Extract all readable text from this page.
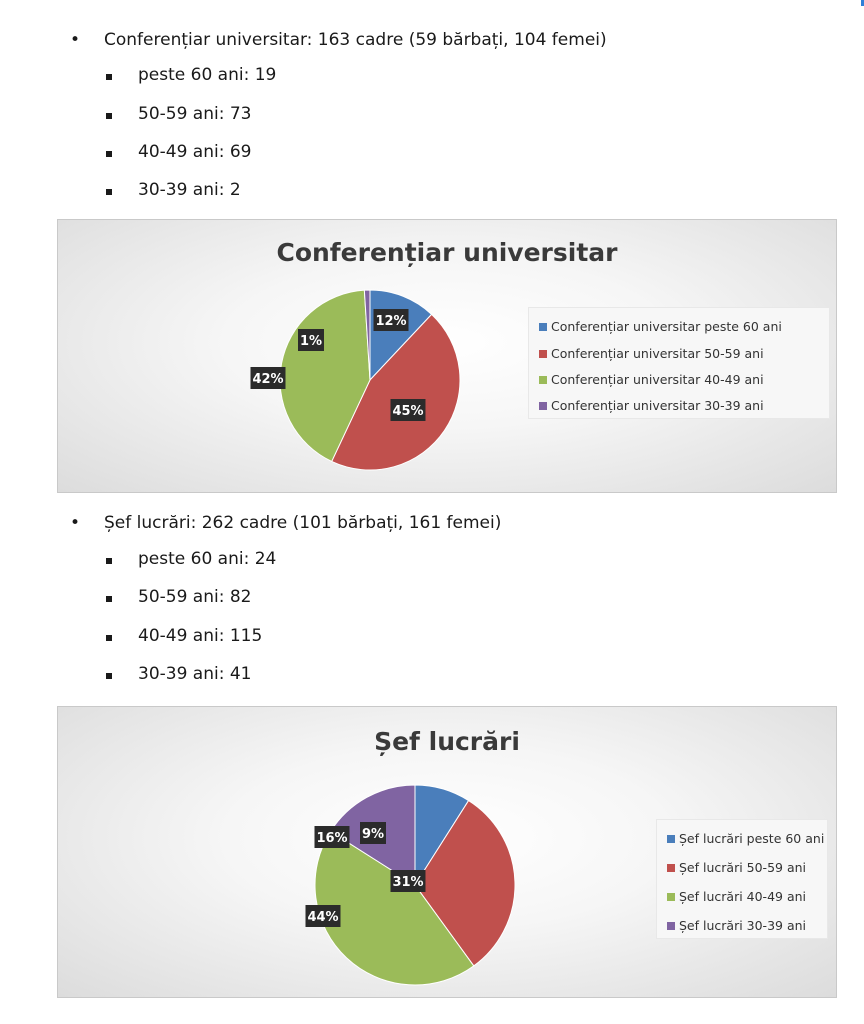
• Conferențiar universitar: 163 cadre (59 bărbați, 104 femei)
peste 60 ani: 19
50-59 ani: 73
40-49 ani: 69
30-39 ani: 2
Conferențiar universitar
12%
45%
42%
1%
Conferențiar universitar peste 60 ani
Conferențiar universitar 50-59 ani
Conferențiar universitar 40-49 ani
Conferențiar universitar 30-39 ani
• Șef lucrări: 262 cadre (101 bărbați, 161 femei)
peste 60 ani: 24
50-59 ani: 82
40-49 ani: 115
30-39 ani: 41
Șef lucrări
9%
31%
44%
16%	Șef lucrări peste 60 ani
Șef lucrări 50-59 ani
Șef lucrări 40-49 ani
Șef lucrări 30-39 ani
